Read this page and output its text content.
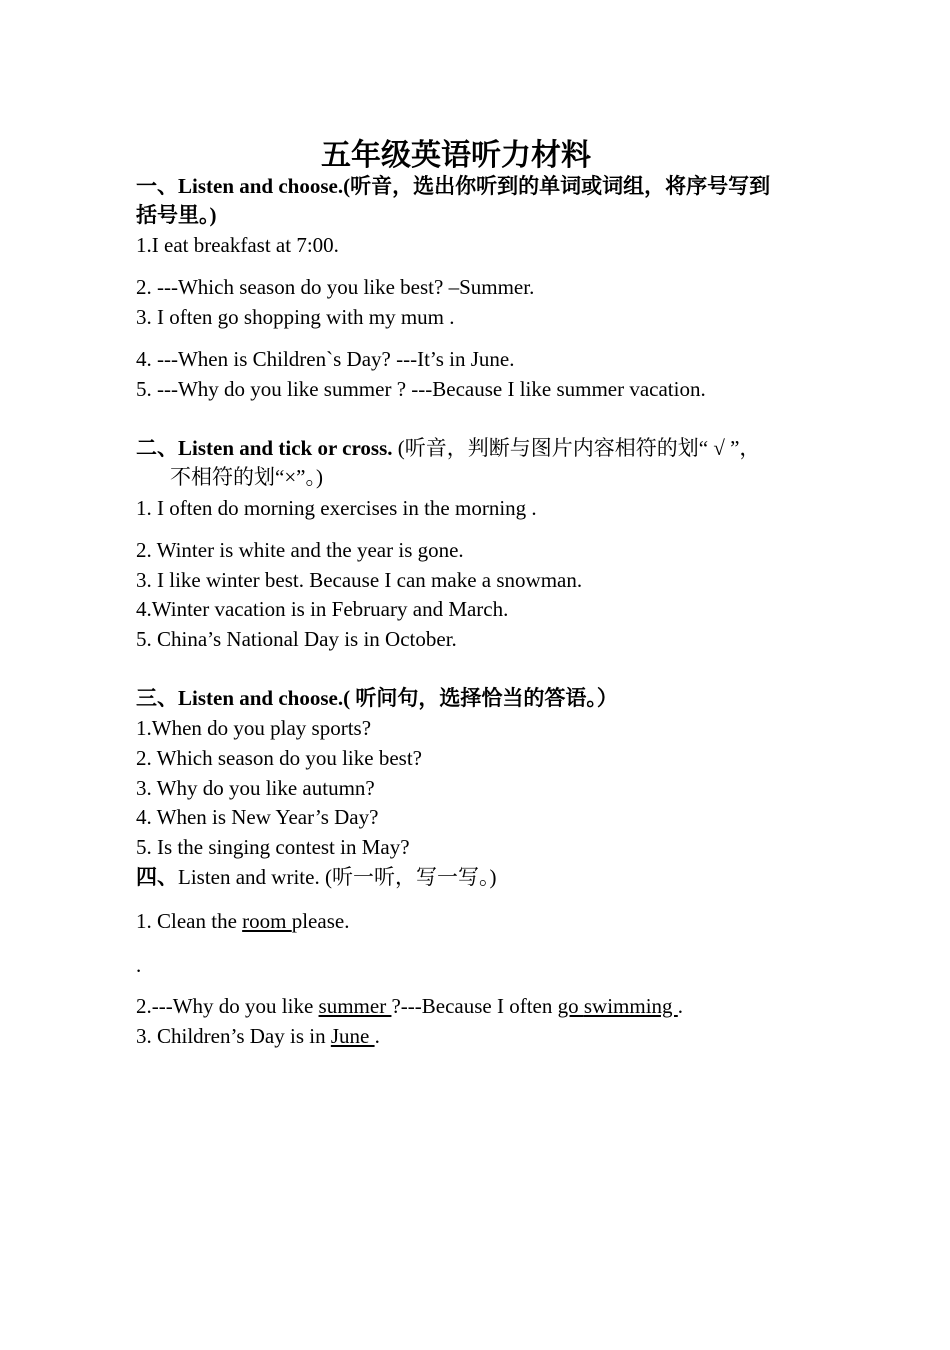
五年级英语听力材料
一、Listen and choose.(听音，选出你听到的单词或词组，将序号写到
括号里。)
1.I eat breakfast at 7:00.
2. ---Which season do you like best? –Summer.
3. I often go shopping with my mum .
4. ---When is Children`s Day? ---It’s in June.
5. ---Why do you like summer ? ---Because I like summer vacation.
二、Listen and tick or cross. (听音，判断与图片内容相符的划“ √ ”，
不相符的划“×”。)
1. I often do morning exercises in the morning .
2. Winter is white and the year is gone.
3. I like winter best. Because I can make a snowman.
4.Winter vacation is in February and March.
5. China’s National Day is in October.
三、Listen and choose.( 听问句，选择恰当的答语。）
1.When do you play sports?
2. Which season do you like best?
3. Why do you like autumn?
4. When is New Year’s Day?
5. Is the singing contest in May?
四、Listen and write. (听一听，写一写。)
1. Clean the room please.
.
2.---Why do you like summer ?---Because I often go swimming .
3. Children’s Day is in June .
